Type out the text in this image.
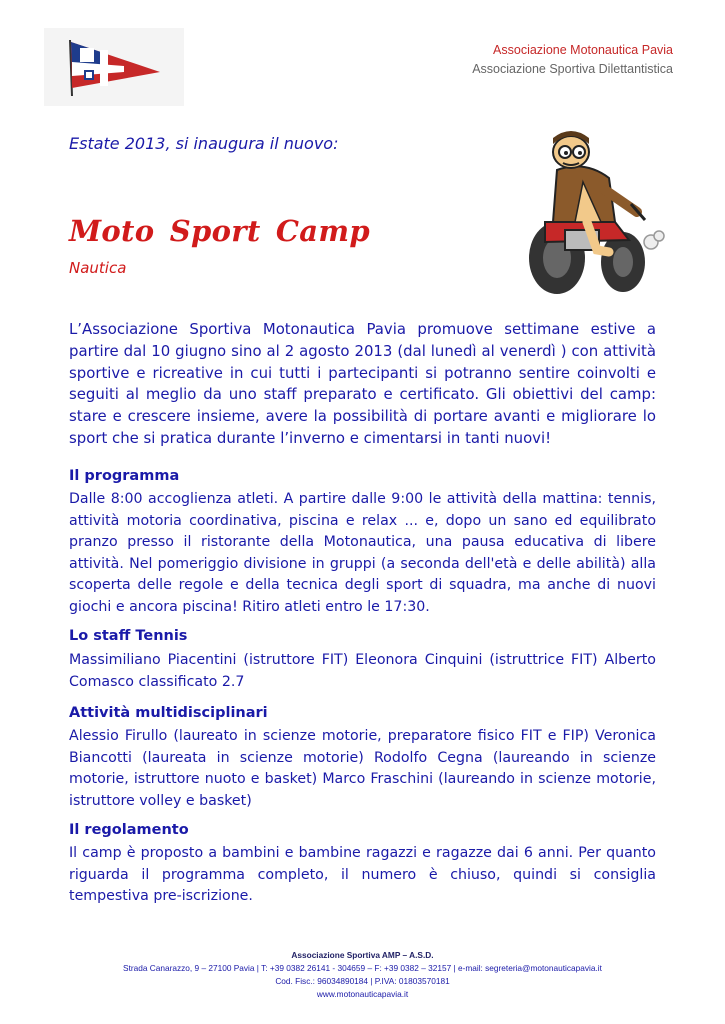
Associazione Motonautica Pavia
Associazione Sportiva Dilettantistica
Estate 2013, si inaugura il nuovo:
Moto Sport Camp
Nautica

L’Associazione Sportiva Motonautica Pavia promuove settimane estive a partire dal 10 giugno sino al 2 agosto 2013 (dal lunedì al venerdì ) con attività sportive e ricreative in cui tutti i partecipanti si potranno sentire coinvolti e seguiti al meglio da uno staff preparato e certificato. Gli obiettivi del camp: stare e crescere insieme, avere la possibilità di portare avanti e migliorare lo sport che si pratica durante l’inverno e cimentarsi in tanti nuovi!

Il programma

Dalle 8:00 accoglienza atleti. A partire dalle 9:00 le attività della mattina: tennis, attività motoria coordinativa, piscina e relax ... e, dopo un sano ed equilibrato pranzo presso il ristorante della Motonautica, una pausa educativa di libere attività. Nel pomeriggio divisione in gruppi (a seconda dell'età e delle abilità) alla scoperta delle regole e della tecnica degli sport di squadra, ma anche di nuovi giochi e ancora piscina! Ritiro atleti entro le 17:30.

Lo staff Tennis

Massimiliano Piacentini (istruttore FIT) Eleonora Cinquini (istruttrice FIT) Alberto Comasco classificato 2.7

Attività multidisciplinari

Alessio Firullo (laureato in scienze motorie, preparatore fisico FIT e FIP) Veronica Biancotti (laureata in scienze motorie) Rodolfo Cegna (laureando in scienze motorie, istruttore nuoto e basket) Marco Fraschini (laureando in scienze motorie, istruttore volley e basket)

Il regolamento

Il camp è proposto a bambini e bambine ragazzi e ragazze dai 6 anni. Per quanto riguarda il programma completo, il numero è chiuso, quindi si consiglia tempestiva pre-iscrizione.

Associazione Sportiva AMP – A.S.D.
Strada Canarazzo, 9 – 27100 Pavia | T: +39 0382 26141 - 304659 – F: +39 0382 – 32157 | e-mail: segreteria@motonauticapavia.it
Cod. Fisc.: 96034890184 | P.IVA: 01803570181
www.motonauticapavia.it
